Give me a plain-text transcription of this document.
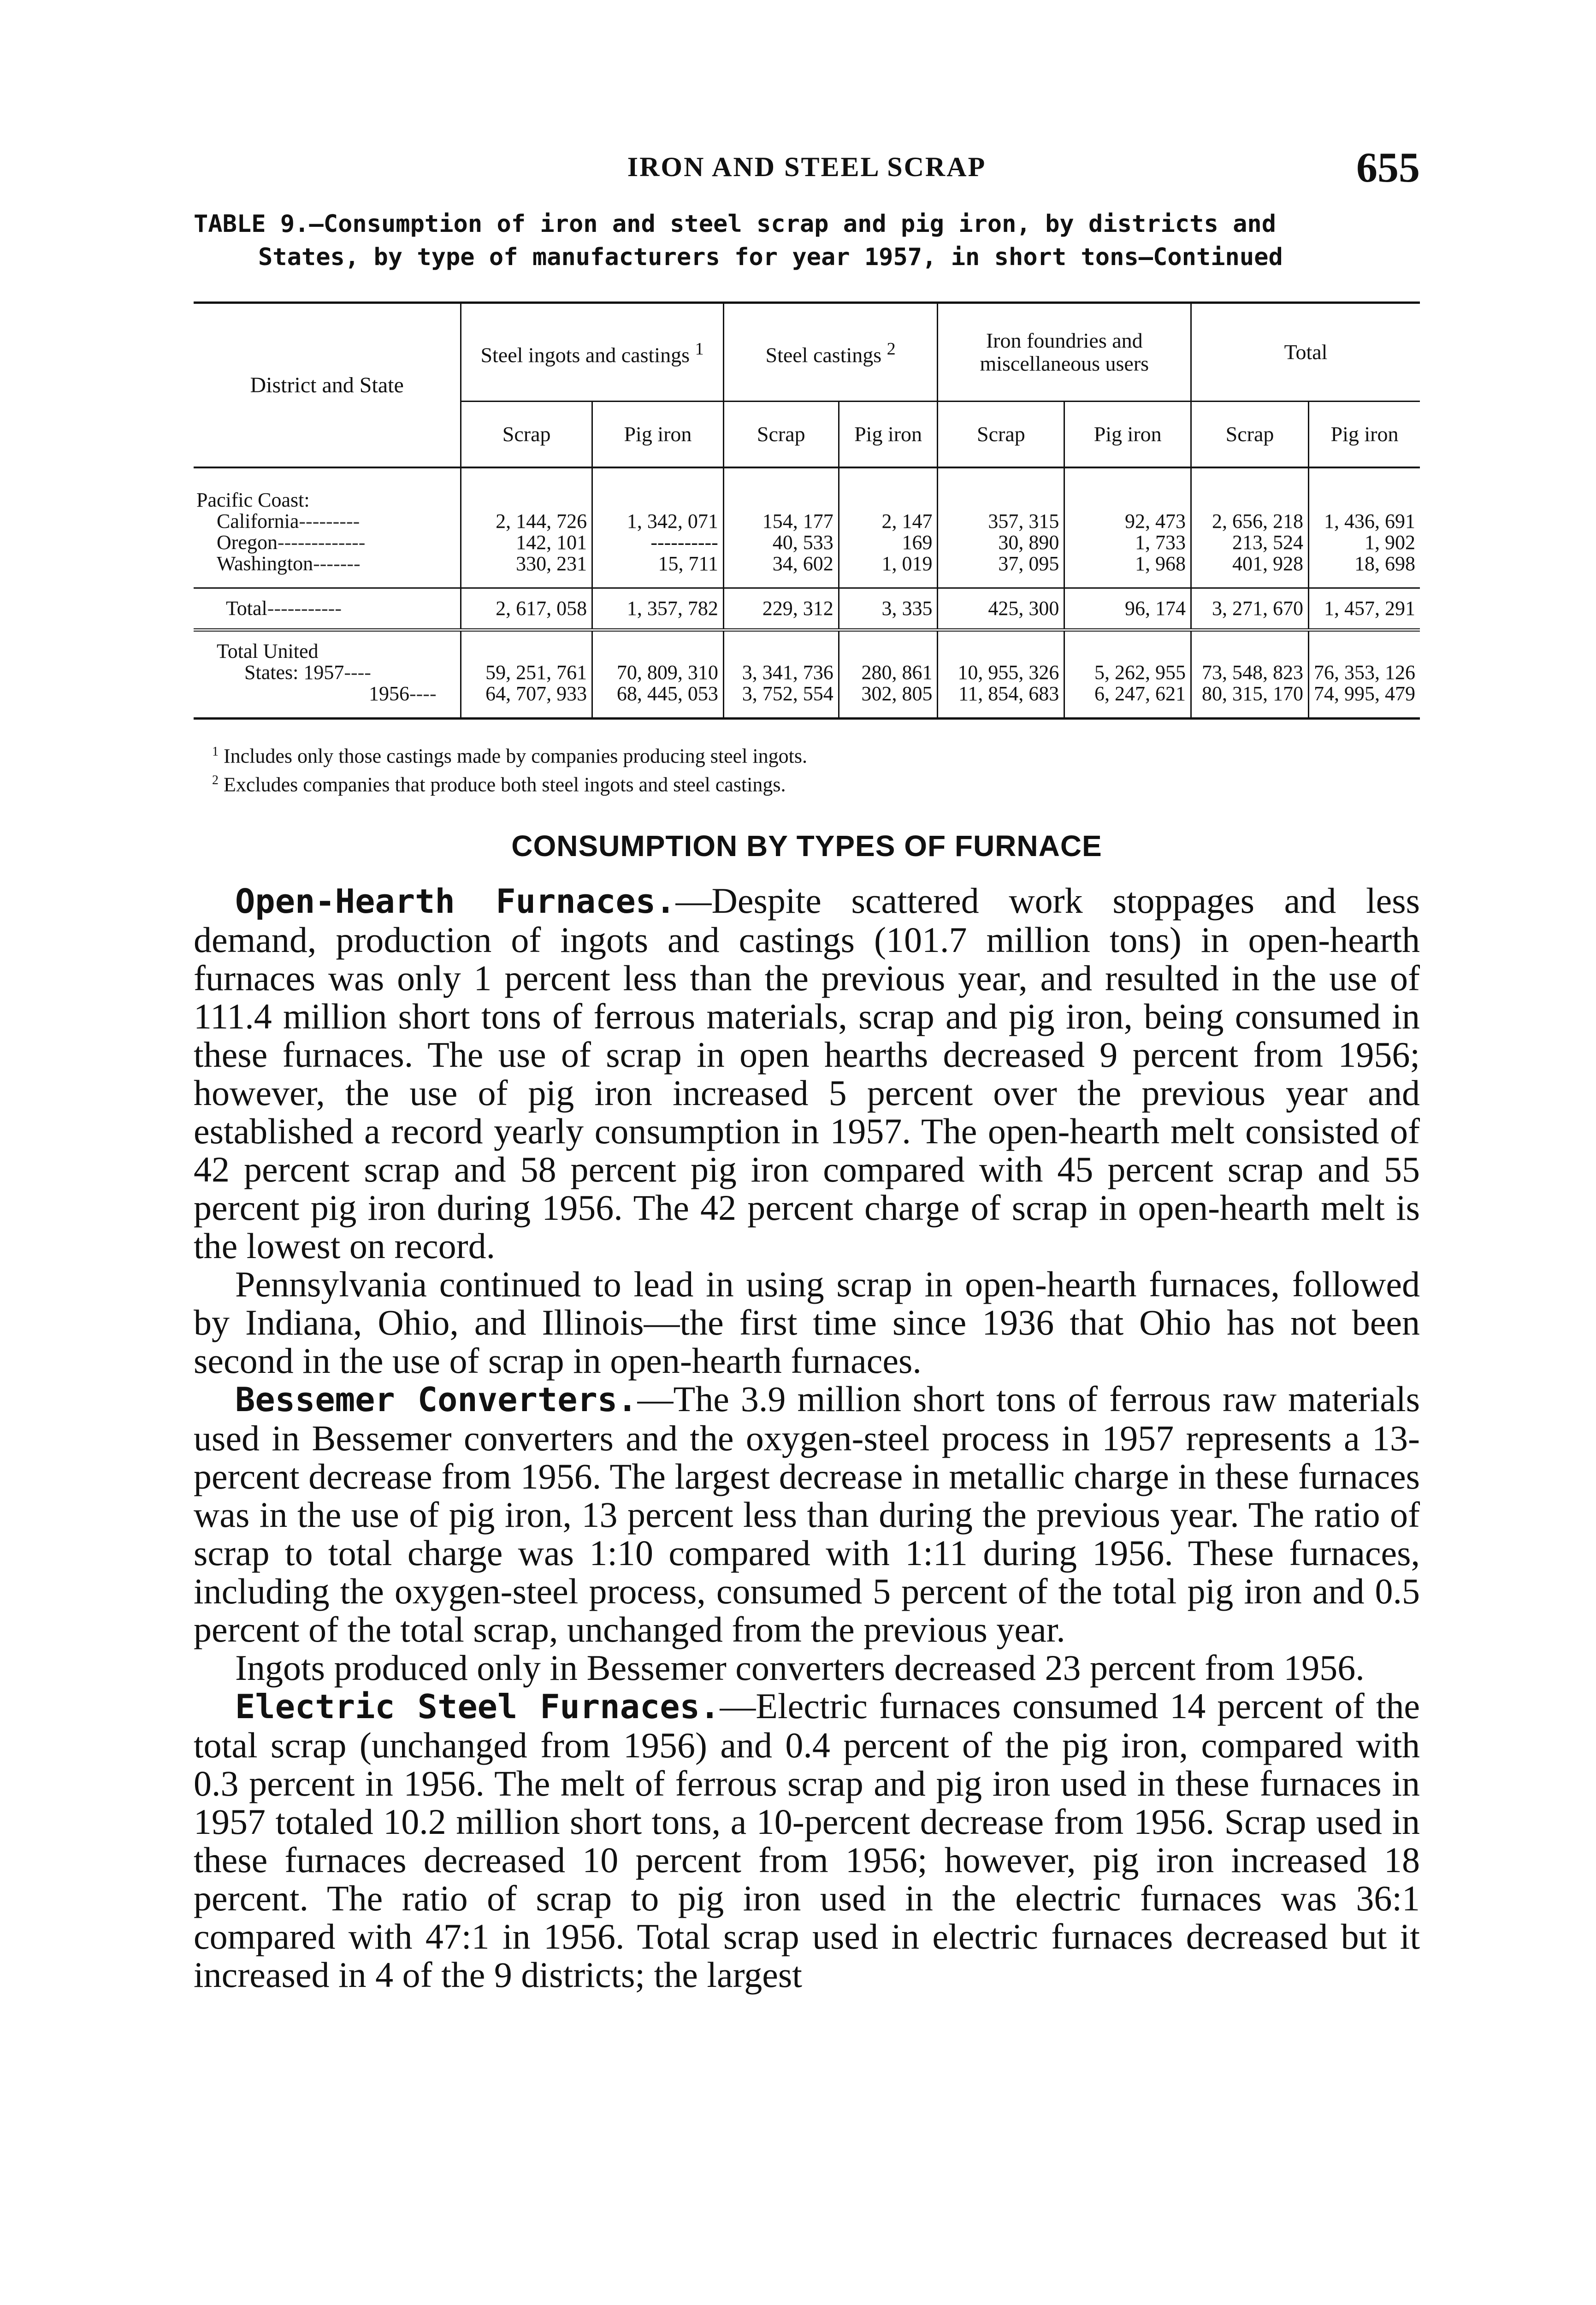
IRON AND STEEL SCRAP	655
TABLE 9.—Consumption of iron and steel scrap and pig iron, by districts and
States, by type of manufacturers for year 1957, in short tons—Continued
District and State	Steel ingots and castings $^1$		Steel castings $^2$		Iron foundries and miscellaneous users		Total	
	Scrap	Pig iron	Scrap	Pig iron	Scrap	Pig iron	Scrap	Pig iron
Pacific Coast:								
California---------	2, 144, 726	1, 342, 071	154, 177	2, 147	357, 315	92, 473	2, 656, 218	1, 436, 691
Oregon-------------	142, 101	----------	40, 533	169	30, 890	1, 733	213, 524	1, 902
Washington-------	330, 231	15, 711	34, 602	1, 019	37, 095	1, 968	401, 928	18, 698

Total-----------	2, 617, 058	1, 357, 782	229, 312	3, 335	425, 300	96, 174	3, 271, 670	1, 457, 291
Total United								
States: 1957----	59, 251, 761	70, 809, 310	3, 341, 736	280, 861	10, 955, 326	5, 262, 955	73, 548, 823	76, 353, 126
1956----	64, 707, 933	68, 445, 053	3, 752, 554	302, 805	11, 854, 683	6, 247, 621	80, 315, 170	74, 995, 479

$^1$ Includes only those castings made by companies producing steel ingots.
$^2$ Excludes companies that produce both steel ingots and steel castings.
CONSUMPTION BY TYPES OF FURNACE

Open-Hearth Furnaces.—Despite scattered work stoppages and less demand, production of ingots and castings (101.7 million tons) in open-hearth furnaces was only 1 percent less than the previous year, and resulted in the use of 111.4 million short tons of ferrous materials, scrap and pig iron, being consumed in these furnaces. The use of scrap in open hearths decreased 9 percent from 1956; however, the use of pig iron increased 5 percent over the previous year and established a record yearly consumption in 1957. The open-hearth melt consisted of 42 percent scrap and 58 percent pig iron compared with 45 percent scrap and 55 percent pig iron during 1956. The 42 percent charge of scrap in open-hearth melt is the lowest on record.

Pennsylvania continued to lead in using scrap in open-hearth furnaces, followed by Indiana, Ohio, and Illinois—the first time since 1936 that Ohio has not been second in the use of scrap in open-hearth furnaces.

Bessemer Converters.—The 3.9 million short tons of ferrous raw materials used in Bessemer converters and the oxygen-steel process in 1957 represents a 13-percent decrease from 1956. The largest decrease in metallic charge in these furnaces was in the use of pig iron, 13 percent less than during the previous year. The ratio of scrap to total charge was 1:10 compared with 1:11 during 1956. These furnaces, including the oxygen-steel process, consumed 5 percent of the total pig iron and 0.5 percent of the total scrap, unchanged from the previous year.

Ingots produced only in Bessemer converters decreased 23 percent from 1956.

Electric Steel Furnaces.—Electric furnaces consumed 14 percent of the total scrap (unchanged from 1956) and 0.4 percent of the pig iron, compared with 0.3 percent in 1956. The melt of ferrous scrap and pig iron used in these furnaces in 1957 totaled 10.2 million short tons, a 10-percent decrease from 1956. Scrap used in these furnaces decreased 10 percent from 1956; however, pig iron increased 18 percent. The ratio of scrap to pig iron used in the electric furnaces was 36:1 compared with 47:1 in 1956. Total scrap used in electric furnaces decreased but it increased in 4 of the 9 districts; the largest
